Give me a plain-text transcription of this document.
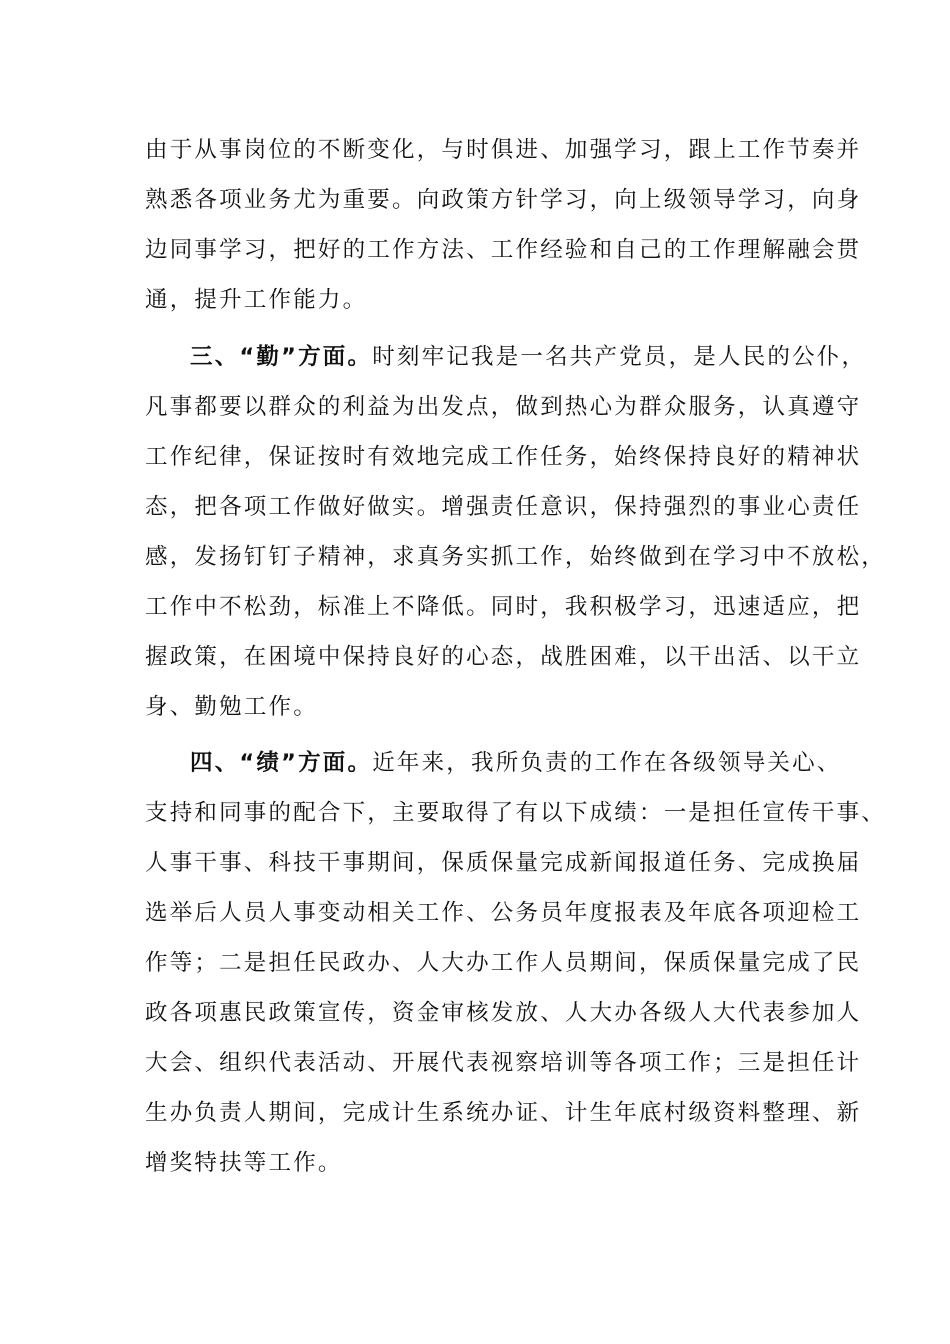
由于从事岗位的不断变化，与时俱进、加强学习，跟上工作节奏并

熟悉各项业务尤为重要。向政策方针学习，向上级领导学习，向身

边同事学习，把好的工作方法、工作经验和自己的工作理解融会贯

通，提升工作能力。

三、“勤”方面。时刻牢记我是一名共产党员，是人民的公仆，

凡事都要以群众的利益为出发点，做到热心为群众服务，认真遵守

工作纪律，保证按时有效地完成工作任务，始终保持良好的精神状

态，把各项工作做好做实。增强责任意识，保持强烈的事业心责任

感，发扬钉钉子精神，求真务实抓工作，始终做到在学习中不放松，

工作中不松劲，标准上不降低。同时，我积极学习，迅速适应，把

握政策，在困境中保持良好的心态，战胜困难，以干出活、以干立

身、勤勉工作。

四、“绩”方面。近年来，我所负责的工作在各级领导关心、

支持和同事的配合下，主要取得了有以下成绩：一是担任宣传干事、

人事干事、科技干事期间，保质保量完成新闻报道任务、完成换届

选举后人员人事变动相关工作、公务员年度报表及年底各项迎检工

作等；二是担任民政办、人大办工作人员期间，保质保量完成了民

政各项惠民政策宣传，资金审核发放、人大办各级人大代表参加人

大会、组织代表活动、开展代表视察培训等各项工作；三是担任计

生办负责人期间，完成计生系统办证、计生年底村级资料整理、新

增奖特扶等工作。
